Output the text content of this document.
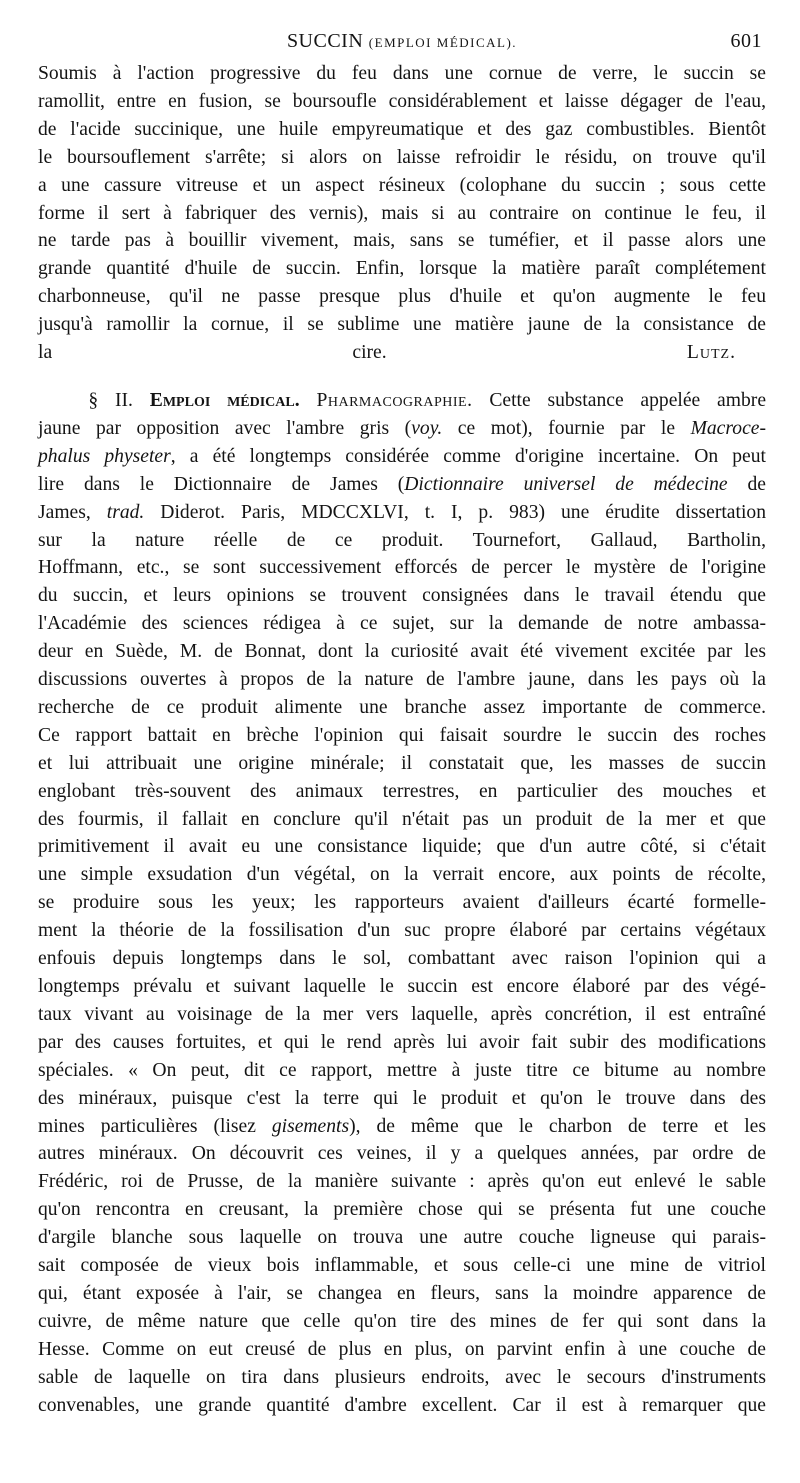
SUCCIN (EMPLOI MÉDICAL).	601
Soumis à l'action progressive du feu dans une cornue de verre, le succin se
ramollit, entre en fusion, se boursoufle considérablement et laisse dégager de l'eau,
de l'acide succinique, une huile empyreumatique et des gaz combustibles. Bientôt
le boursouflement s'arrête; si alors on laisse refroidir le résidu, on trouve qu'il
a une cassure vitreuse et un aspect résineux (colophane du succin ; sous cette
forme il sert à fabriquer des vernis), mais si au contraire on continue le feu, il
ne tarde pas à bouillir vivement, mais, sans se tuméfier, et il passe alors une
grande quantité d'huile de succin. Enfin, lorsque la matière paraît complétement
charbonneuse, qu'il ne passe presque plus d'huile et qu'on augmente le feu
jusqu'à ramollir la cornue, il se sublime une matière jaune de la consistance de
la cire.	Lutz.
§ II. Emploi médical. Pharmacographie. Cette substance appelée ambre
jaune par opposition avec l'ambre gris (voy. ce mot), fournie par le Macroce-
phalus physeter, a été longtemps considérée comme d'origine incertaine. On peut
lire dans le Dictionnaire de James (Dictionnaire universel de médecine de
James, trad. Diderot. Paris, MDCCXLVI, t. I, p. 983) une érudite dissertation
sur la nature réelle de ce produit. Tournefort, Gallaud, Bartholin,
Hoffmann, etc., se sont successivement efforcés de percer le mystère de l'origine
du succin, et leurs opinions se trouvent consignées dans le travail étendu que
l'Académie des sciences rédigea à ce sujet, sur la demande de notre ambassa-
deur en Suède, M. de Bonnat, dont la curiosité avait été vivement excitée par les
discussions ouvertes à propos de la nature de l'ambre jaune, dans les pays où la
recherche de ce produit alimente une branche assez importante de commerce.
Ce rapport battait en brèche l'opinion qui faisait sourdre le succin des roches
et lui attribuait une origine minérale; il constatait que, les masses de succin
englobant très-souvent des animaux terrestres, en particulier des mouches et
des fourmis, il fallait en conclure qu'il n'était pas un produit de la mer et que
primitivement il avait eu une consistance liquide; que d'un autre côté, si c'était
une simple exsudation d'un végétal, on la verrait encore, aux points de récolte,
se produire sous les yeux; les rapporteurs avaient d'ailleurs écarté formelle-
ment la théorie de la fossilisation d'un suc propre élaboré par certains végétaux
enfouis depuis longtemps dans le sol, combattant avec raison l'opinion qui a
longtemps prévalu et suivant laquelle le succin est encore élaboré par des végé-
taux vivant au voisinage de la mer vers laquelle, après concrétion, il est entraîné
par des causes fortuites, et qui le rend après lui avoir fait subir des modifications
spéciales. « On peut, dit ce rapport, mettre à juste titre ce bitume au nombre
des minéraux, puisque c'est la terre qui le produit et qu'on le trouve dans des
mines particulières (lisez gisements), de même que le charbon de terre et les
autres minéraux. On découvrit ces veines, il y a quelques années, par ordre de
Frédéric, roi de Prusse, de la manière suivante : après qu'on eut enlevé le sable
qu'on rencontra en creusant, la première chose qui se présenta fut une couche
d'argile blanche sous laquelle on trouva une autre couche ligneuse qui parais-
sait composée de vieux bois inflammable, et sous celle-ci une mine de vitriol
qui, étant exposée à l'air, se changea en fleurs, sans la moindre apparence de
cuivre, de même nature que celle qu'on tire des mines de fer qui sont dans la
Hesse. Comme on eut creusé de plus en plus, on parvint enfin à une couche de
sable de laquelle on tira dans plusieurs endroits, avec le secours d'instruments
convenables, une grande quantité d'ambre excellent. Car il est à remarquer que
